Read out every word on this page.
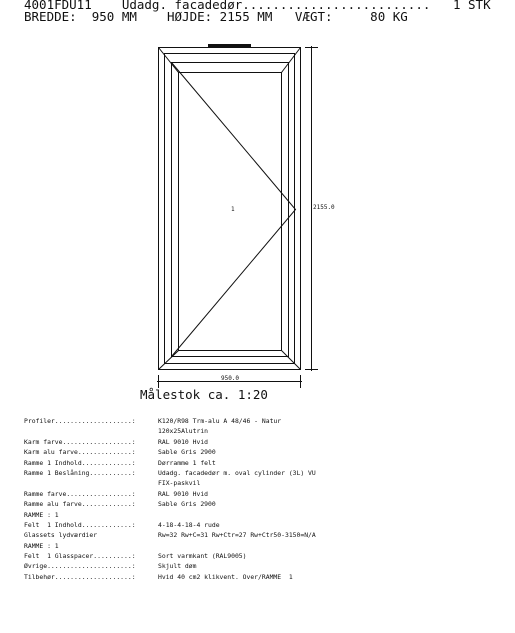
4001FDU11    Udadg. facadedør.........................   1 STK
BREDDE:  950 MM    HØJDE: 2155 MM   VÆGT:     80 KG
1	2155.0
950.0
Målestok ca. 1:20
Profiler....................:	K120/R98 Trm-alu A 48/46 - Natur
120x25Alutrin
Karm farve..................:	RAL 9010 Hvid
Karm alu farve..............:	Sable Gris 2900
Ramme 1 Indhold.............:	Dørramme 1 felt
Ramme 1 Beslåning...........:	Udadg. facadedør m. oval cylinder (3L) VU
FIX-paskvil
Ramme farve.................:	RAL 9010 Hvid
Ramme alu farve.............:	Sable Gris 2900
RAMME : 1
Felt  1 Indhold.............:	4-18-4-18-4 rude
Glassets lydværdier	Rw=32 Rw+C=31 Rw+Ctr=27 Rw+Ctr50-3150=N/A
RAMME : 1
Felt  1 Glasspacer..........:	Sort varmkant (RAL9005)
Øvrige......................:	Skjult døm
Tilbehør....................:	Hvid 40 cm2 klikvent. Over/RAMME  1
